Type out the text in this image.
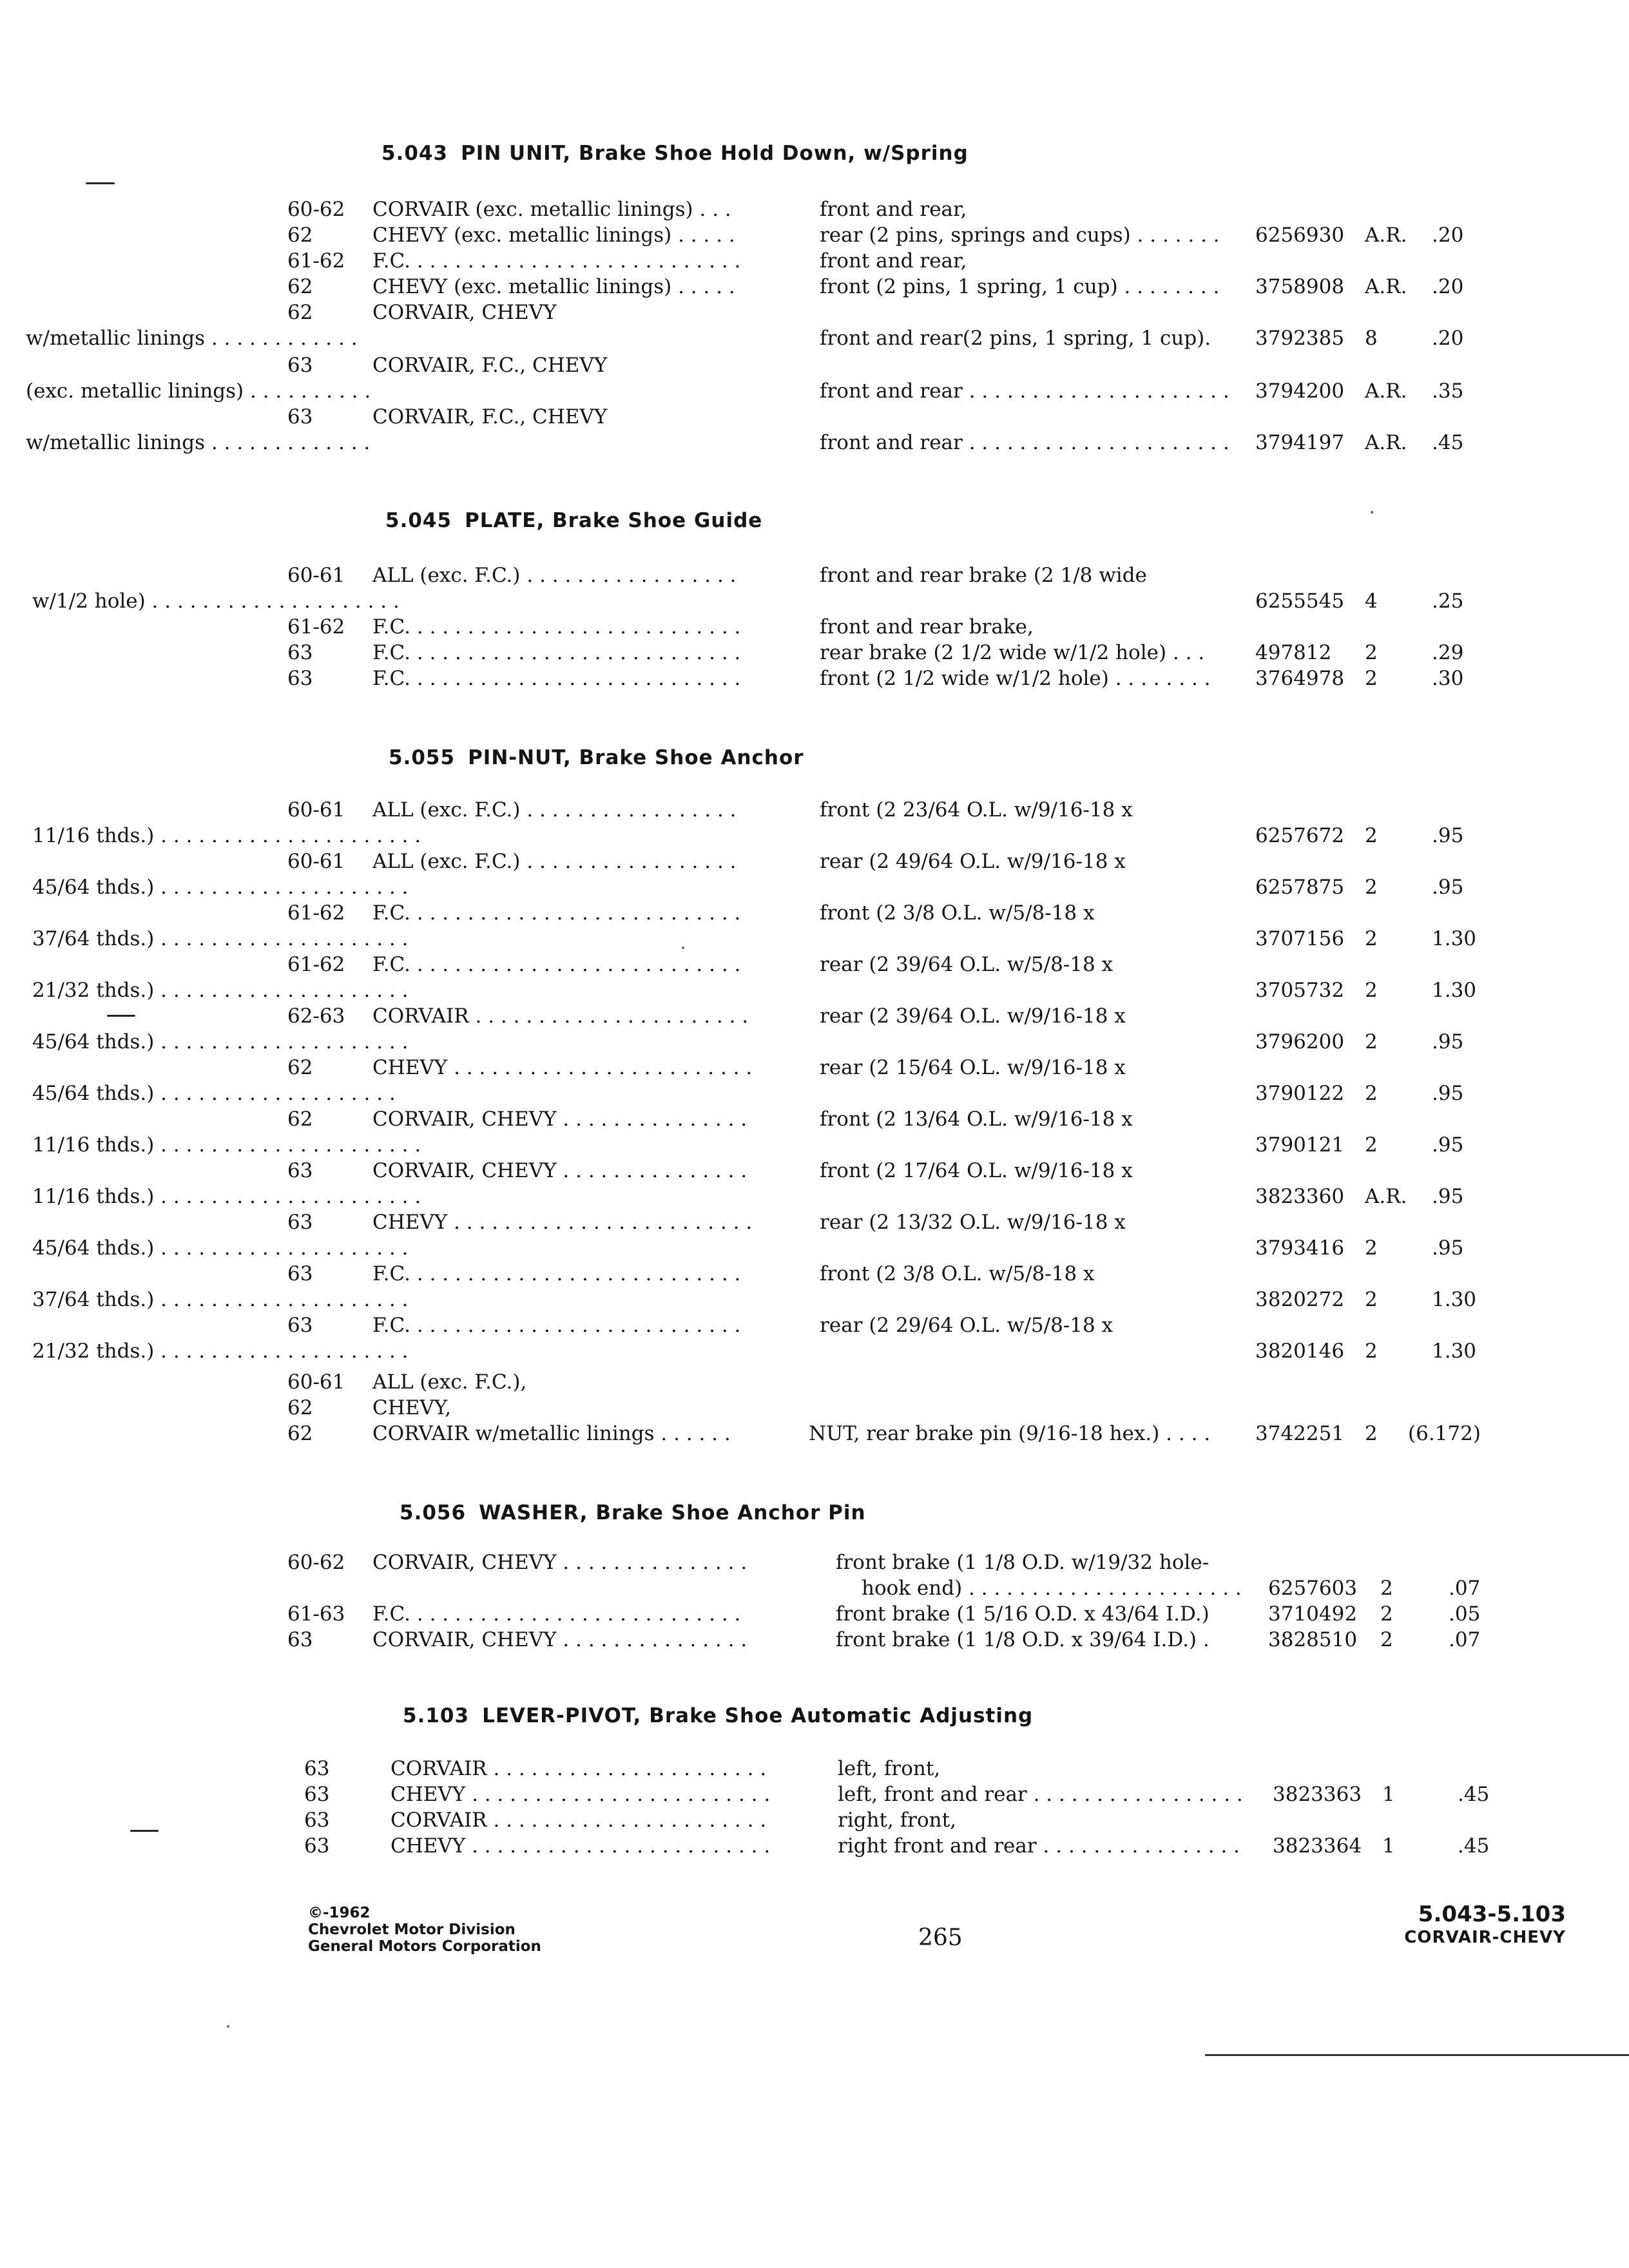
5.043 PIN UNIT, Brake Shoe Hold Down, w/Spring
60-62 CORVAIR (exc. metallic linings) . . .	front and rear,
62	CHEVY (exc. metallic linings) . . . . .	rear (2 pins, springs and cups) . . . . . . .	6256930 A.R. .20
61-62 F.C. . . . . . . . . . . . . . . . . . . . . . . . . . .	front and rear,
62	CHEVY (exc. metallic linings) . . . . .	front (2 pins, 1 spring, 1 cup) . . . . . . . .	3758908 A.R. .20
62	CORVAIR, CHEVY
w/metallic linings . . . . . . . . . . . .	front and rear(2 pins, 1 spring, 1 cup).	3792385 8	.20
63	CORVAIR, F.C., CHEVY
(exc. metallic linings) . . . . . . . . . .	front and rear . . . . . . . . . . . . . . . . . . . . .	3794200 A.R. .35
63	CORVAIR, F.C., CHEVY
w/metallic linings . . . . . . . . . . . . .	front and rear . . . . . . . . . . . . . . . . . . . . .	3794197 A.R. .45
5.045 PLATE, Brake Shoe Guide
60-61 ALL (exc. F.C.) . . . . . . . . . . . . . . . . .	front and rear brake (2 1/8 wide
w/1/2 hole) . . . . . . . . . . . . . . . . . . . .	6255545 4	.25
61-62 F.C. . . . . . . . . . . . . . . . . . . . . . . . . . .	front and rear brake,
63	F.C. . . . . . . . . . . . . . . . . . . . . . . . . . .	rear brake (2 1/2 wide w/1/2 hole) . . .	497812 2	.29
63	F.C. . . . . . . . . . . . . . . . . . . . . . . . . . .	front (2 1/2 wide w/1/2 hole) . . . . . . . .	3764978 2	.30
5.055 PIN-NUT, Brake Shoe Anchor
60-61 ALL (exc. F.C.) . . . . . . . . . . . . . . . . .	front (2 23/64 O.L. w/9/16-18 x
11/16 thds.) . . . . . . . . . . . . . . . . . . . . .	6257672 2	.95
60-61 ALL (exc. F.C.) . . . . . . . . . . . . . . . . .	rear (2 49/64 O.L. w/9/16-18 x
45/64 thds.) . . . . . . . . . . . . . . . . . . . .	6257875 2	.95
61-62 F.C. . . . . . . . . . . . . . . . . . . . . . . . . . .	front (2 3/8 O.L. w/5/8-18 x
37/64 thds.) . . . . . . . . . . . . . . . . . . . .	3707156 2	1.30
61-62 F.C. . . . . . . . . . . . . . . . . . . . . . . . . . .	rear (2 39/64 O.L. w/5/8-18 x
21/32 thds.) . . . . . . . . . . . . . . . . . . . .	3705732 2	1.30
62-63 CORVAIR . . . . . . . . . . . . . . . . . . . . . .	rear (2 39/64 O.L. w/9/16-18 x
45/64 thds.) . . . . . . . . . . . . . . . . . . . .	3796200 2	.95
62	CHEVY . . . . . . . . . . . . . . . . . . . . . . . .	rear (2 15/64 O.L. w/9/16-18 x
45/64 thds.) . . . . . . . . . . . . . . . . . . .	3790122 2	.95
62	CORVAIR, CHEVY . . . . . . . . . . . . . . .	front (2 13/64 O.L. w/9/16-18 x
11/16 thds.) . . . . . . . . . . . . . . . . . . . . .	3790121 2	.95
63	CORVAIR, CHEVY . . . . . . . . . . . . . . .	front (2 17/64 O.L. w/9/16-18 x
11/16 thds.) . . . . . . . . . . . . . . . . . . . . .	3823360 A.R. .95
63	CHEVY . . . . . . . . . . . . . . . . . . . . . . . .	rear (2 13/32 O.L. w/9/16-18 x
45/64 thds.) . . . . . . . . . . . . . . . . . . . .	3793416 2	.95
63	F.C. . . . . . . . . . . . . . . . . . . . . . . . . . .	front (2 3/8 O.L. w/5/8-18 x
37/64 thds.) . . . . . . . . . . . . . . . . . . . .	3820272 2	1.30
63	F.C. . . . . . . . . . . . . . . . . . . . . . . . . . .	rear (2 29/64 O.L. w/5/8-18 x
21/32 thds.) . . . . . . . . . . . . . . . . . . . .	3820146 2	1.30
60-61 ALL (exc. F.C.),
62	CHEVY,
62	CORVAIR w/metallic linings . . . . . .	NUT, rear brake pin (9/16-18 hex.) . . . .	3742251 2 (6.172)
5.056 WASHER, Brake Shoe Anchor Pin
60-62 CORVAIR, CHEVY . . . . . . . . . . . . . . .	front brake (1 1/8 O.D. w/19/32 hole-
hook end) . . . . . . . . . . . . . . . . . . . . . .	6257603 2	.07
61-63 F.C. . . . . . . . . . . . . . . . . . . . . . . . . . .	front brake (1 5/16 O.D. x 43/64 I.D.)	3710492 2	.05
63	CORVAIR, CHEVY . . . . . . . . . . . . . . .	front brake (1 1/8 O.D. x 39/64 I.D.) .	3828510 2	.07
5.103 LEVER-PIVOT, Brake Shoe Automatic Adjusting
63	CORVAIR . . . . . . . . . . . . . . . . . . . . . .	left, front,
63	CHEVY . . . . . . . . . . . . . . . . . . . . . . . .	left, front and rear . . . . . . . . . . . . . . . . .	3823363 1	.45
63	CORVAIR . . . . . . . . . . . . . . . . . . . . . .	right, front,
63	CHEVY . . . . . . . . . . . . . . . . . . . . . . . .	right front and rear . . . . . . . . . . . . . . . .	3823364 1	.45
©-1962
Chevrolet Motor Division
General Motors Corporation	265
5.043-5.103
CORVAIR-CHEVY
